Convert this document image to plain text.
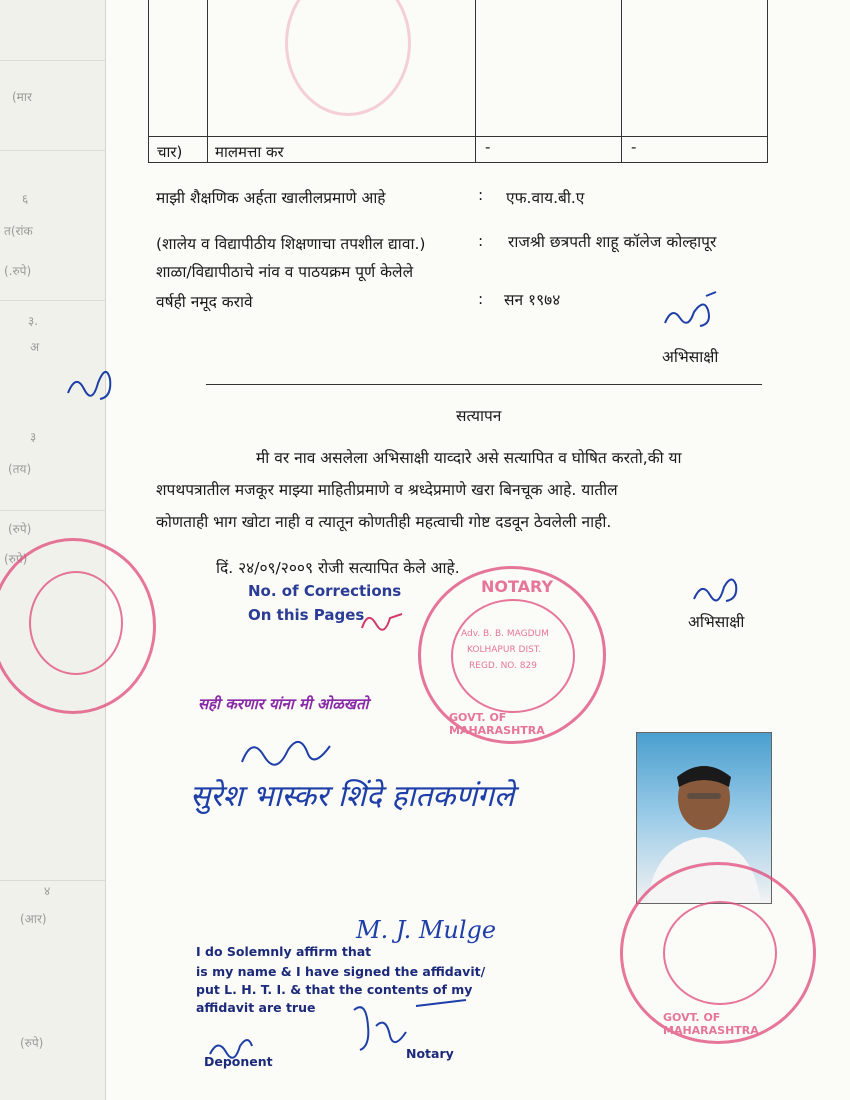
(मार
६
त(रांक
(.रुपे)
३.
अ
३
(तय)
(रुपे)
(रुपे)
४
(आर)
(रुपे)
चार) मालमत्ता कर	-	-
माझी शैक्षणिक अर्हता खालीलप्रमाणे आहे	: एफ.वाय.बी.ए
(शालेय व विद्यापीठीय शिक्षणाचा तपशील द्यावा.)	: राजश्री छत्रपती शाहू कॉलेज कोल्हापूर
शाळा/विद्यापीठाचे नांव व पाठयक्रम पूर्ण केलेले
वर्षही नमूद करावे	: सन १९७४
अभिसाक्षी
सत्यापन
मी वर नाव असलेला अभिसाक्षी याव्दारे असे सत्यापित व घोषित करतो,की या
शपथपत्रातील मजकूर माझ्या माहितीप्रमाणे व श्रध्देप्रमाणे खरा बिनचूक आहे. यातील
कोणताही भाग खोटा नाही व त्यातून कोणतीही महत्वाची गोष्ट दडवून ठेवलेली नाही.
दिं. २४/०९/२००९ रोजी सत्यापित केले आहे.
अभिसाक्षी
No. of Corrections
On this Pages
NOTARY
Adv. B. B. MAGDUM
KOLHAPUR DIST.
REGD. NO. 829
GOVT. OF MAHARASHTRA
सही करणार यांना मी ओळखतो
सुरेश भास्कर शिंदे हातकणंगले
GOVT. OF MAHARASHTRA
M. J. Mulge
I do Solemnly affirm that
is my name & I have signed the affidavit/
put L. H. T. I. & that the contents of my
affidavit are true
Deponent
Notary
